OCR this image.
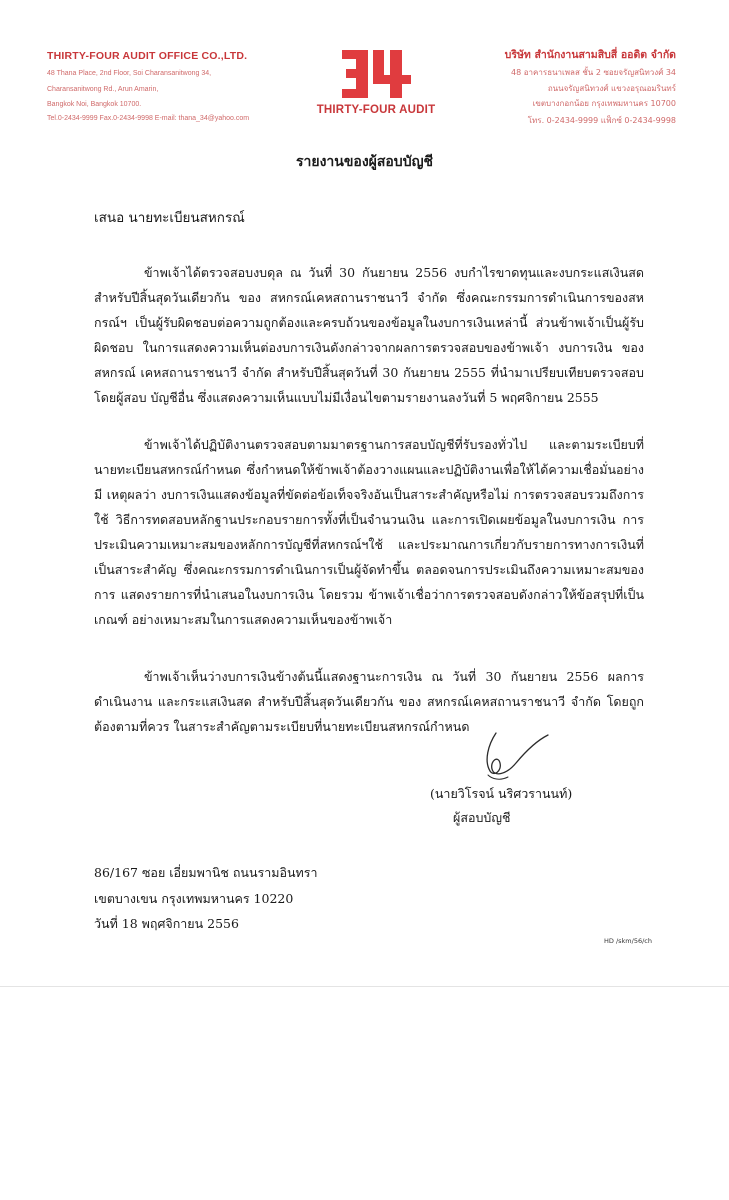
THIRTY-FOUR AUDIT OFFICE CO.,LTD.
48 Thana Place, 2nd Floor, Soi Charansanitwong 34,
Charansanitwong Rd., Arun Amarin,
Bangkok Noi, Bangkok 10700.
Tel.0-2434-9999 Fax.0-2434-9998 E-mail: thana_34@yahoo.com
THIRTY-FOUR AUDIT
บริษัท สำนักงานสามสิบสี่ ออดิต จำกัด
48 อาคารธนาเพลส ชั้น 2 ซอยจรัญสนิทวงศ์ 34
ถนนจรัญสนิทวงศ์ แขวงอรุณอมรินทร์
เขตบางกอกน้อย กรุงเทพมหานคร 10700
โทร. 0-2434-9999 แฟ็กซ์ 0-2434-9998
รายงานของผู้สอบบัญชี
เสนอ นายทะเบียนสหกรณ์

ข้าพเจ้าได้ตรวจสอบงบดุล ณ วันที่ 30 กันยายน 2556 งบกำไรขาดทุนและงบกระแสเงินสด สำหรับปีสิ้นสุดวันเดียวกัน ของ สหกรณ์เคหสถานราชนาวี จำกัด ซึ่งคณะกรรมการดำเนินการของสหกรณ์ฯ เป็นผู้รับผิดชอบต่อความถูกต้องและครบถ้วนของข้อมูลในงบการเงินเหล่านี้ ส่วนข้าพเจ้าเป็นผู้รับผิดชอบ ในการแสดงความเห็นต่องบการเงินดังกล่าวจากผลการตรวจสอบของข้าพเจ้า งบการเงิน ของ สหกรณ์ เคหสถานราชนาวี จำกัด สำหรับปีสิ้นสุดวันที่ 30 กันยายน 2555 ที่นำมาเปรียบเทียบตรวจสอบโดยผู้สอบ บัญชีอื่น ซึ่งแสดงความเห็นแบบไม่มีเงื่อนไขตามรายงานลงวันที่ 5 พฤศจิกายน 2555

ข้าพเจ้าได้ปฏิบัติงานตรวจสอบตามมาตรฐานการสอบบัญชีที่รับรองทั่วไป และตามระเบียบที่ นายทะเบียนสหกรณ์กำหนด ซึ่งกำหนดให้ข้าพเจ้าต้องวางแผนและปฏิบัติงานเพื่อให้ได้ความเชื่อมั่นอย่างมี เหตุผลว่า งบการเงินแสดงข้อมูลที่ขัดต่อข้อเท็จจริงอันเป็นสาระสำคัญหรือไม่ การตรวจสอบรวมถึงการใช้ วิธีการทดสอบหลักฐานประกอบรายการทั้งที่เป็นจำนวนเงิน และการเปิดเผยข้อมูลในงบการเงิน การประเมินความเหมาะสมของหลักการบัญชีที่สหกรณ์ฯใช้ และประมาณการเกี่ยวกับรายการทางการเงินที่ เป็นสาระสำคัญ ซึ่งคณะกรรมการดำเนินการเป็นผู้จัดทำขึ้น ตลอดจนการประเมินถึงความเหมาะสมของการ แสดงรายการที่นำเสนอในงบการเงิน โดยรวม ข้าพเจ้าเชื่อว่าการตรวจสอบดังกล่าวให้ข้อสรุปที่เป็นเกณฑ์ อย่างเหมาะสมในการแสดงความเห็นของข้าพเจ้า

ข้าพเจ้าเห็นว่างบการเงินข้างต้นนี้แสดงฐานะการเงิน ณ วันที่ 30 กันยายน 2556 ผลการดำเนินงาน และกระแสเงินสด สำหรับปีสิ้นสุดวันเดียวกัน ของ สหกรณ์เคหสถานราชนาวี จำกัด โดยถูกต้องตามที่ควร ในสาระสำคัญตามระเบียบที่นายทะเบียนสหกรณ์กำหนด

(นายวิโรจน์ นริศวรานนท์)
ผู้สอบบัญชี
86/167 ซอย เอี่ยมพานิช ถนนรามอินทรา
เขตบางเขน กรุงเทพมหานคร 10220
วันที่ 18 พฤศจิกายน 2556
HD /skm/56/ch
